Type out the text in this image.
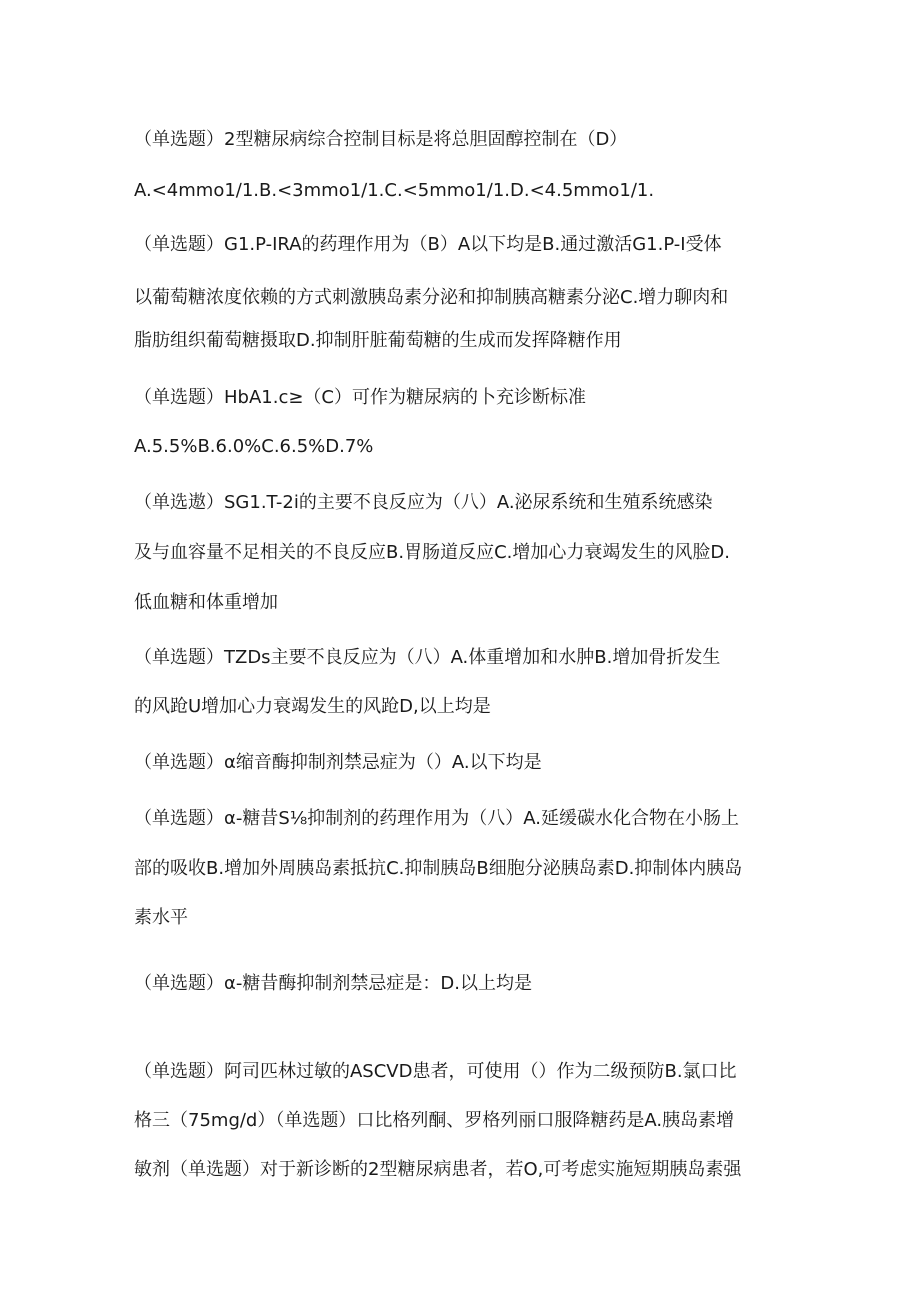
（单选题）2型糖尿病综合控制目标是将总胆固醇控制在（D）
A.<4mmo1∕1.B.<3mmo1∕1.C.<5mmo1∕1.D.<4.5mmo1∕1.
（单选题）G1.P-IRA的药理作用为（B）A以下均是B.通过激活G1.P-I受体
以葡萄糖浓度依赖的方式刺激胰岛素分泌和抑制胰高糖素分泌C.增力聊肉和
脂肪组织葡萄糖摄取D.抑制肝脏葡萄糖的生成而发挥降糖作用
（单选题）HbA1.c≥（C）可作为糖尿病的卜充诊断标准
A.5.5%B.6.0%C.6.5%D.7%
（单选遨）SG1.T-2i的主要不良反应为（八）A.泌尿系统和生殖系统感染
及与血容量不足相关的不良反应B.胃肠道反应C.增加心力衰竭发生的风脸D.
低血糖和体重增加
（单选题）TZDs主要不良反应为（八）A.体重增加和水肿B.增加骨折发生
的风跄U增加心力衰竭发生的风跄D,以上均是
（单选题）α缩音酶抑制剂禁忌症为（）A.以下均是
（单选题）α-糖昔S⅛抑制剂的药理作用为（八）A.延缓碳水化合物在小肠上
部的吸收B.增加外周胰岛素抵抗C.抑制胰岛B细胞分泌胰岛素D.抑制体内胰岛
素水平
（单选题）α-糖昔酶抑制剂禁忌症是：D.以上均是
（单选题）阿司匹林过敏的ASCVD患者，可使用（）作为二级预防B.氯口比
格三（75mg∕d）（单选题）口比格列酮、罗格列丽口服降糖药是A.胰岛素增
敏剂（单选题）对于新诊断的2型糖尿病患者，若O,可考虑实施短期胰岛素强
